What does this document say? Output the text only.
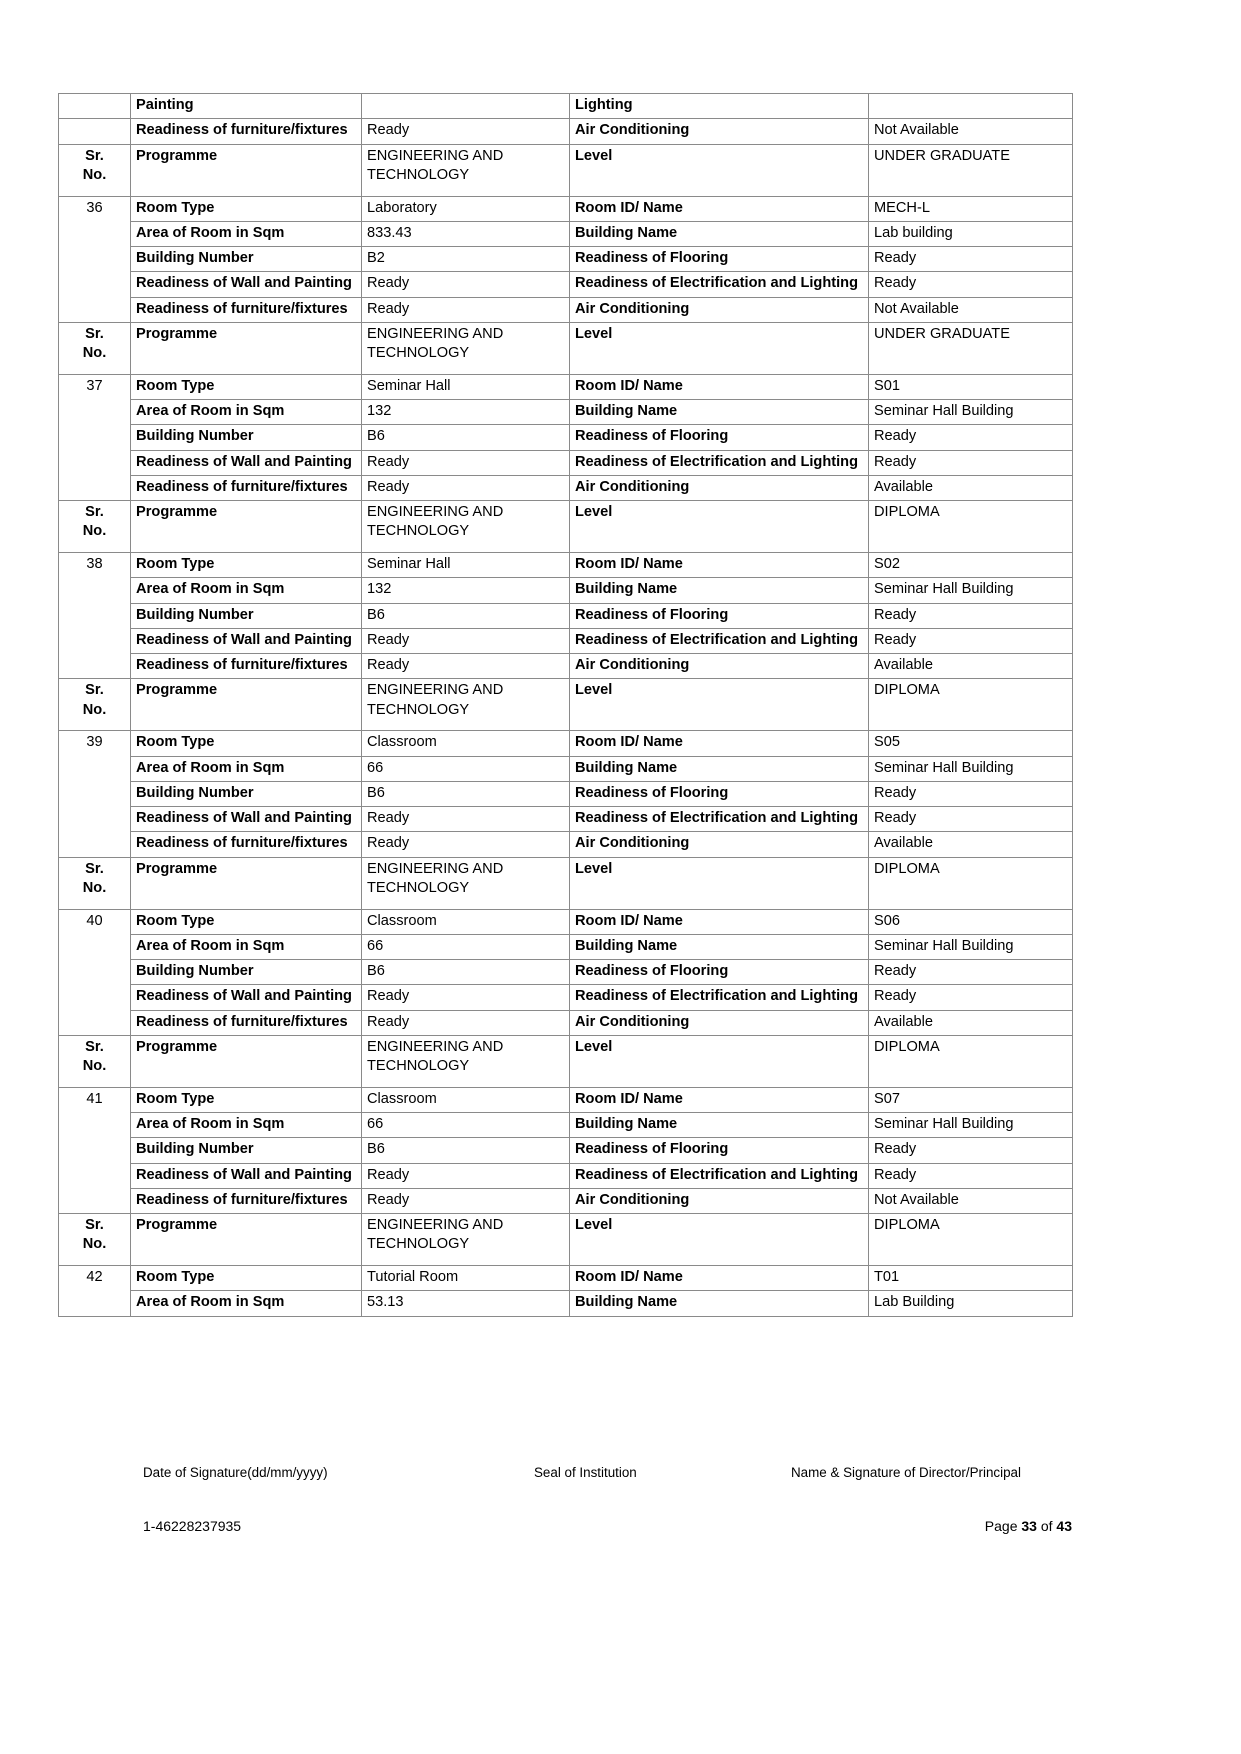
	Painting		Lighting	
	Readiness of furniture/fixtures	Ready	Air Conditioning	Not Available
Sr.
No.	Programme	ENGINEERING AND TECHNOLOGY	Level	UNDER GRADUATE
36	Room Type	Laboratory	Room ID/ Name	MECH-L
	Area of Room in Sqm	833.43	Building Name	Lab building
	Building Number	B2	Readiness of Flooring	Ready
	Readiness of Wall and Painting	Ready	Readiness of Electrification and Lighting	Ready
	Readiness of furniture/fixtures	Ready	Air Conditioning	Not Available
Sr.
No.	Programme	ENGINEERING AND TECHNOLOGY	Level	UNDER GRADUATE
37	Room Type	Seminar Hall	Room ID/ Name	S01
	Area of Room in Sqm	132	Building Name	Seminar Hall Building
	Building Number	B6	Readiness of Flooring	Ready
	Readiness of Wall and Painting	Ready	Readiness of Electrification and Lighting	Ready
	Readiness of furniture/fixtures	Ready	Air Conditioning	Available
Sr.
No.	Programme	ENGINEERING AND TECHNOLOGY	Level	DIPLOMA
38	Room Type	Seminar Hall	Room ID/ Name	S02
	Area of Room in Sqm	132	Building Name	Seminar Hall Building
	Building Number	B6	Readiness of Flooring	Ready
	Readiness of Wall and Painting	Ready	Readiness of Electrification and Lighting	Ready
	Readiness of furniture/fixtures	Ready	Air Conditioning	Available
Sr.
No.	Programme	ENGINEERING AND TECHNOLOGY	Level	DIPLOMA
39	Room Type	Classroom	Room ID/ Name	S05
	Area of Room in Sqm	66	Building Name	Seminar Hall Building
	Building Number	B6	Readiness of Flooring	Ready
	Readiness of Wall and Painting	Ready	Readiness of Electrification and Lighting	Ready
	Readiness of furniture/fixtures	Ready	Air Conditioning	Available
Sr.
No.	Programme	ENGINEERING AND TECHNOLOGY	Level	DIPLOMA
40	Room Type	Classroom	Room ID/ Name	S06
	Area of Room in Sqm	66	Building Name	Seminar Hall Building
	Building Number	B6	Readiness of Flooring	Ready
	Readiness of Wall and Painting	Ready	Readiness of Electrification and Lighting	Ready
	Readiness of furniture/fixtures	Ready	Air Conditioning	Available
Sr.
No.	Programme	ENGINEERING AND TECHNOLOGY	Level	DIPLOMA
41	Room Type	Classroom	Room ID/ Name	S07
	Area of Room in Sqm	66	Building Name	Seminar Hall Building
	Building Number	B6	Readiness of Flooring	Ready
	Readiness of Wall and Painting	Ready	Readiness of Electrification and Lighting	Ready
	Readiness of furniture/fixtures	Ready	Air Conditioning	Not Available
Sr.
No.	Programme	ENGINEERING AND TECHNOLOGY	Level	DIPLOMA
42	Room Type	Tutorial Room	Room ID/ Name	T01
	Area of Room in Sqm	53.13	Building Name	Lab Building
Date of Signature(dd/mm/yyyy)	Seal of Institution	Name & Signature of Director/Principal
1-46228237935	Page 33 of 43
